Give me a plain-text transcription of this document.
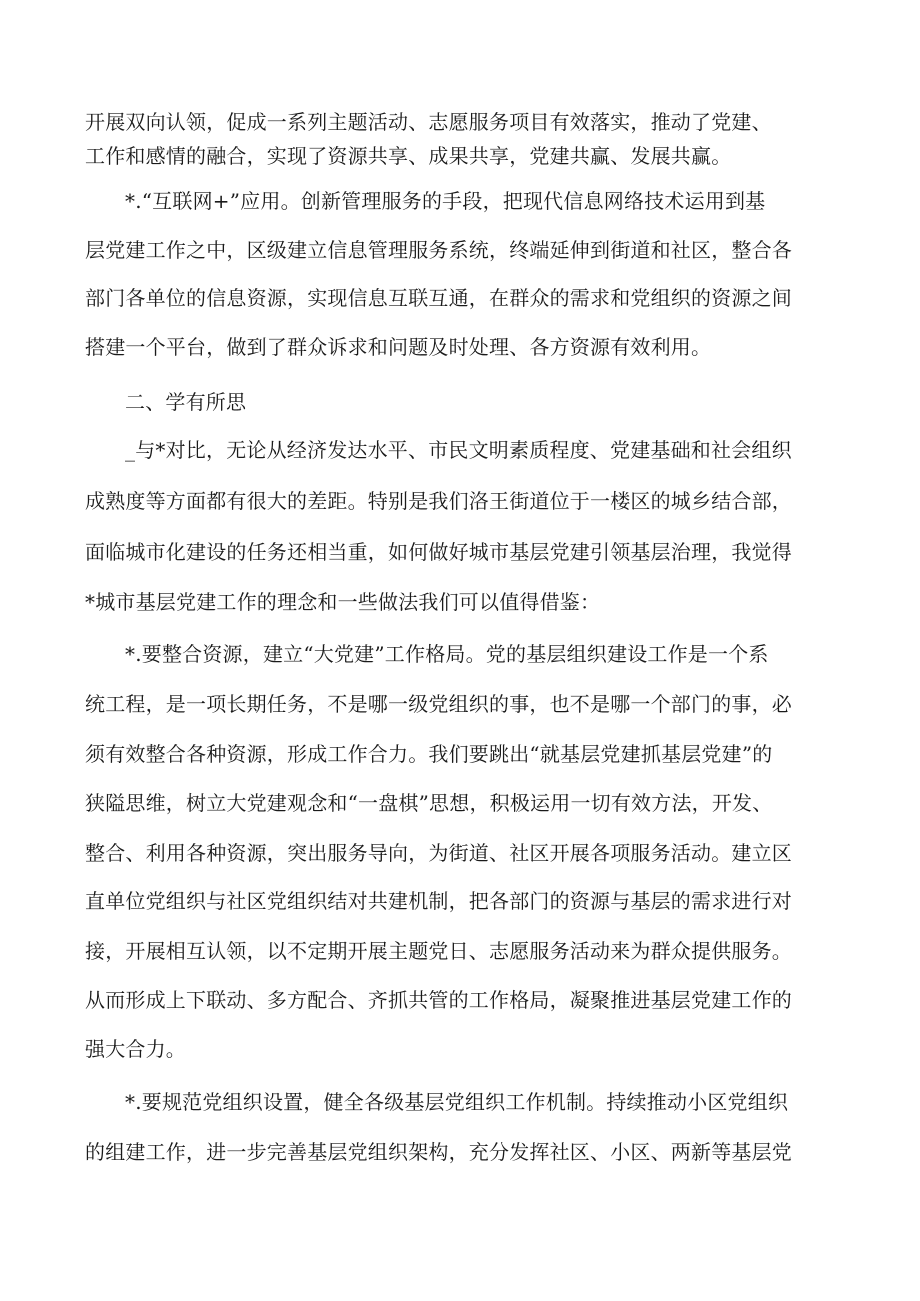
开展双向认领，促成一系列主题活动、志愿服务项目有效落实，推动了党建、
工作和感情的融合，实现了资源共享、成果共享，党建共赢、发展共赢。
*.“互联网+”应用。创新管理服务的手段，把现代信息网络技术运用到基
层党建工作之中，区级建立信息管理服务系统，终端延伸到街道和社区，整合各
部门各单位的信息资源，实现信息互联互通，在群众的需求和党组织的资源之间
搭建一个平台，做到了群众诉求和问题及时处理、各方资源有效利用。
二、学有所思
_与*对比，无论从经济发达水平、市民文明素质程度、党建基础和社会组织
成熟度等方面都有很大的差距。特别是我们洛王街道位于一楼区的城乡结合部，
面临城市化建设的任务还相当重，如何做好城市基层党建引领基层治理，我觉得
*城市基层党建工作的理念和一些做法我们可以值得借鉴：
*.要整合资源，建立“大党建”工作格局。党的基层组织建设工作是一个系
统工程，是一项长期任务，不是哪一级党组织的事，也不是哪一个部门的事，必
须有效整合各种资源，形成工作合力。我们要跳出“就基层党建抓基层党建”的
狭隘思维，树立大党建观念和“一盘棋”思想，积极运用一切有效方法，开发、
整合、利用各种资源，突出服务导向，为街道、社区开展各项服务活动。建立区
直单位党组织与社区党组织结对共建机制，把各部门的资源与基层的需求进行对
接，开展相互认领，以不定期开展主题党日、志愿服务活动来为群众提供服务。
从而形成上下联动、多方配合、齐抓共管的工作格局，凝聚推进基层党建工作的
强大合力。
*.要规范党组织设置，健全各级基层党组织工作机制。持续推动小区党组织
的组建工作，进一步完善基层党组织架构，充分发挥社区、小区、两新等基层党
